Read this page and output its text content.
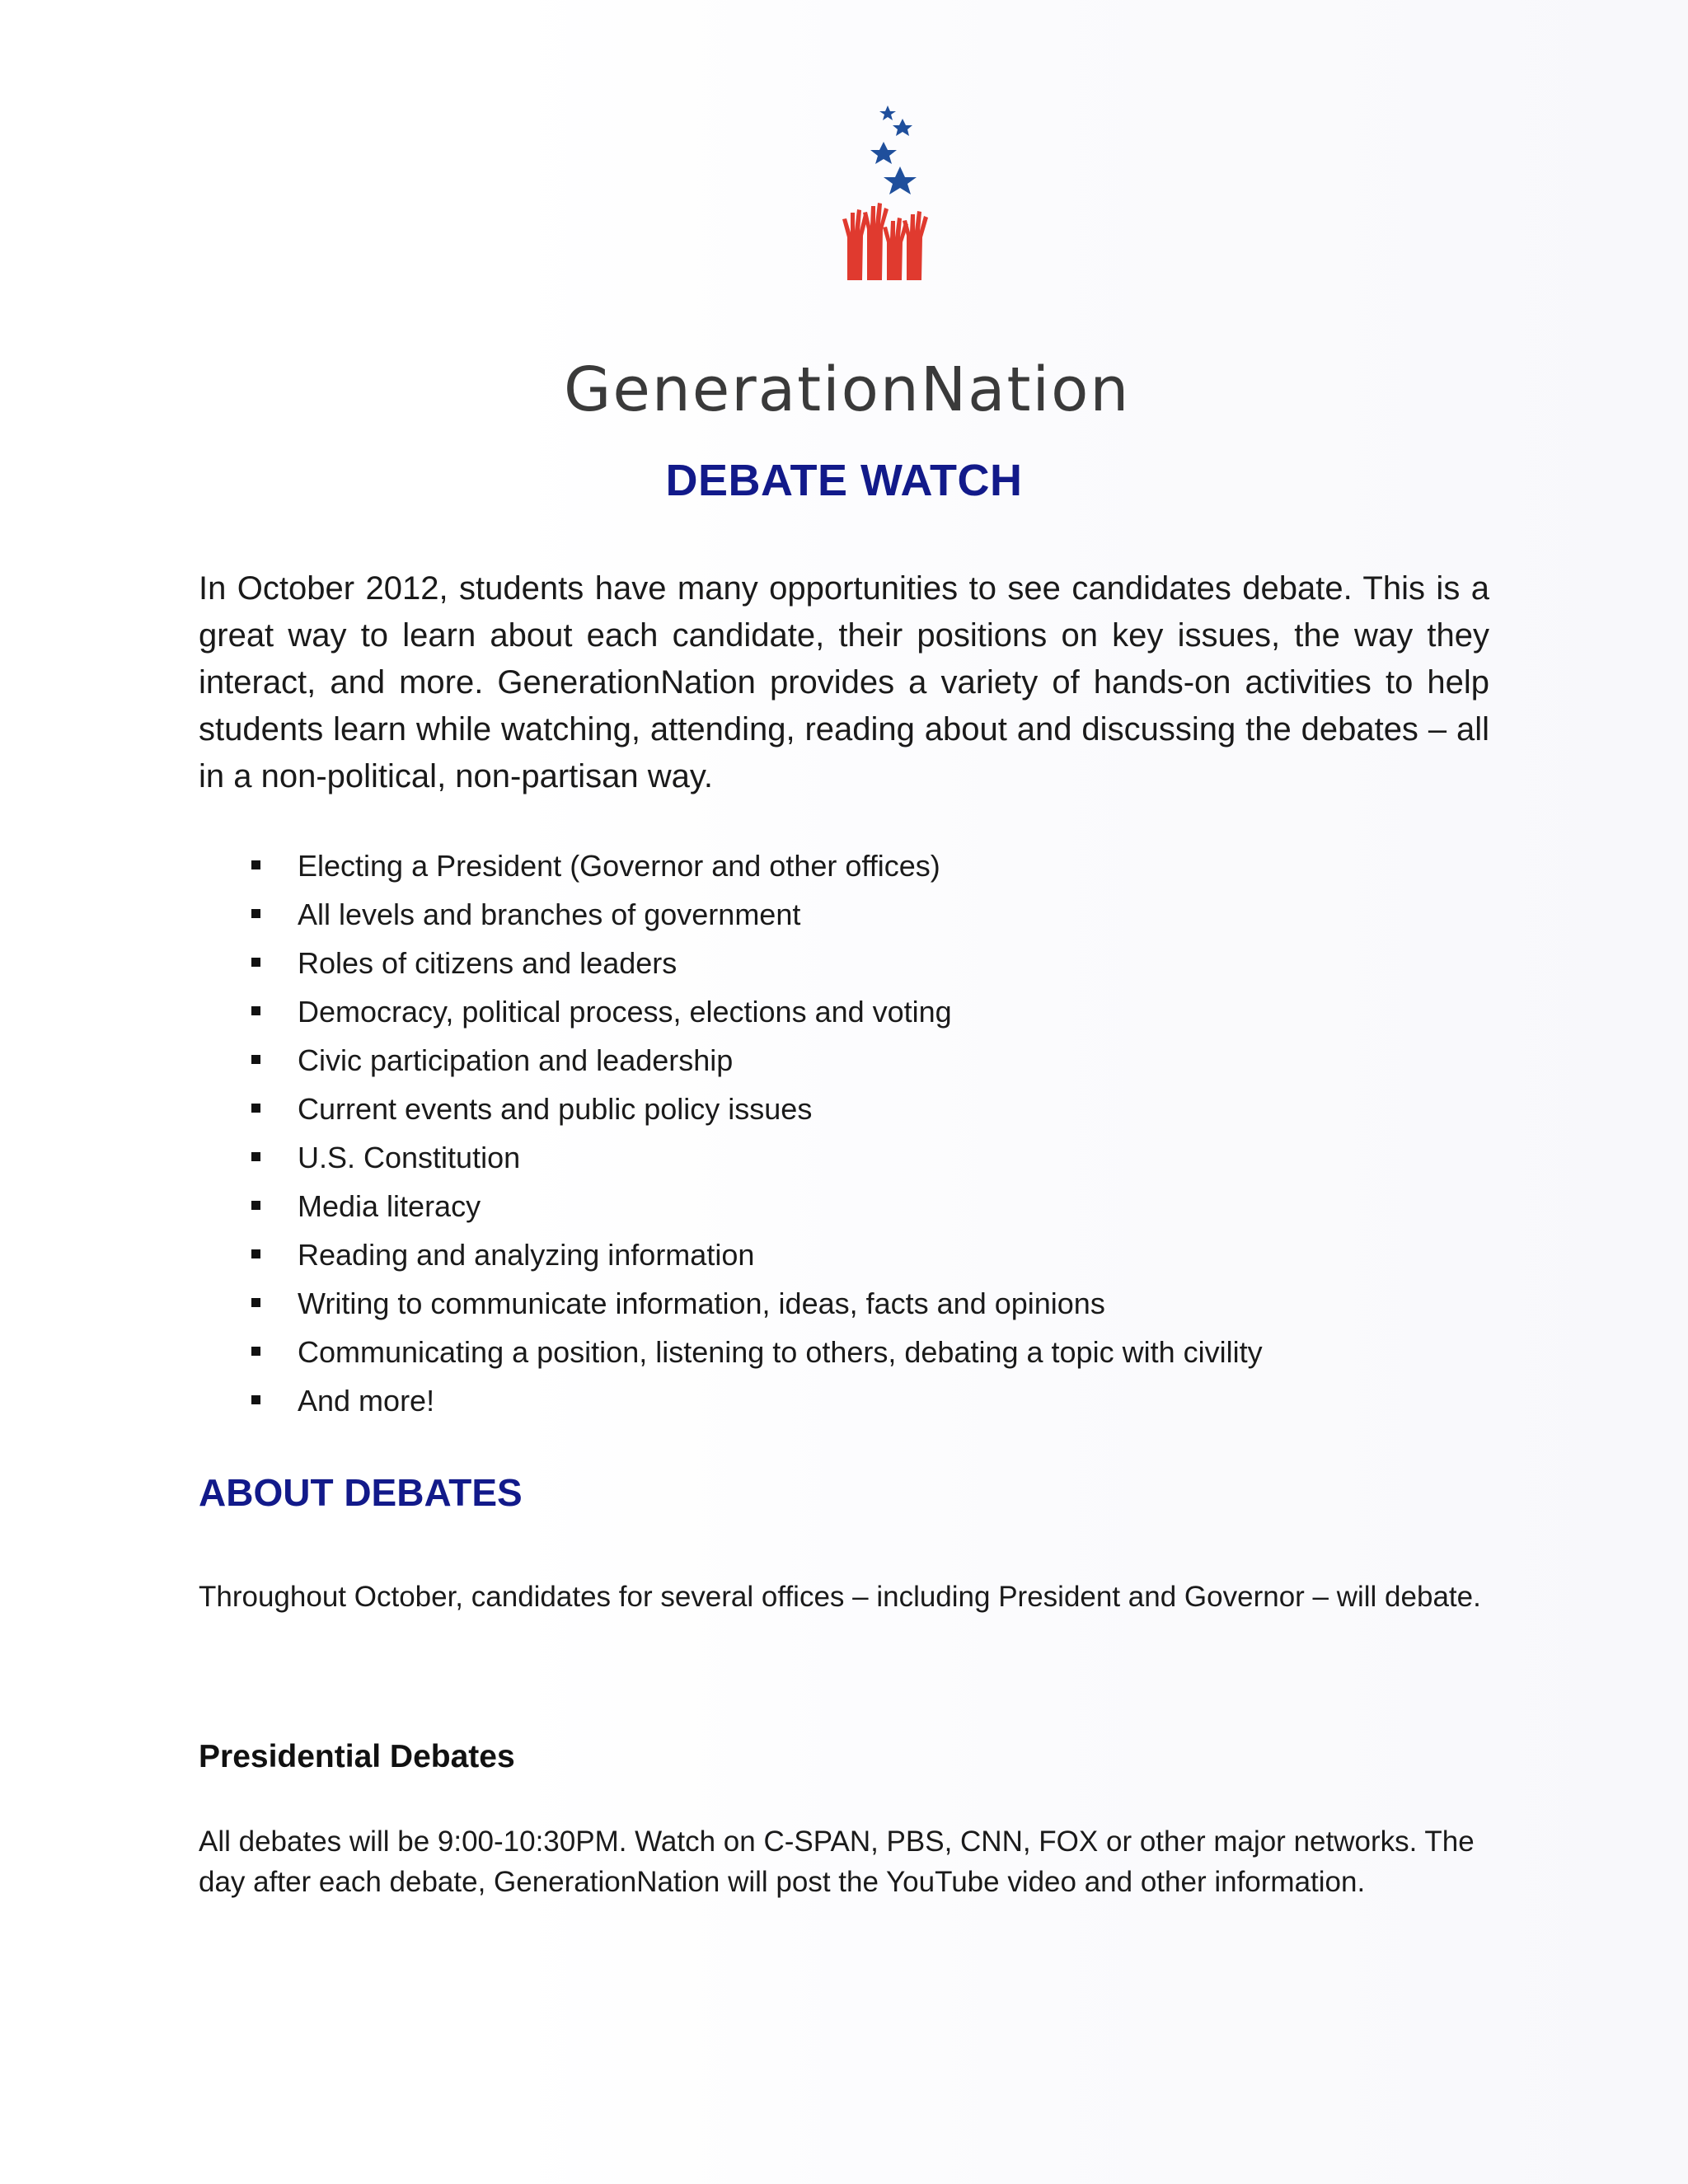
GenerationNation
DEBATE WATCH
In October 2012, students have many opportunities to see candidates debate. This is a great way to learn about each candidate, their positions on key issues, the way they interact, and more. GenerationNation provides a variety of hands-on activities to help students learn while watching, attending, reading about and discussing the debates – all in a non-political, non-partisan way.
Electing a President (Governor and other offices)
All levels and branches of government
Roles of citizens and leaders
Democracy, political process, elections and voting
Civic participation and leadership
Current events and public policy issues
U.S. Constitution
Media literacy
Reading and analyzing information
Writing to communicate information, ideas, facts and opinions
Communicating a position, listening to others, debating a topic with civility
And more!
ABOUT DEBATES
Throughout October, candidates for several offices – including President and Governor – will debate.
Presidential Debates
All debates will be 9:00-10:30PM. Watch on C-SPAN, PBS, CNN, FOX or other major networks. The day after each debate, GenerationNation will post the YouTube video and other information.
